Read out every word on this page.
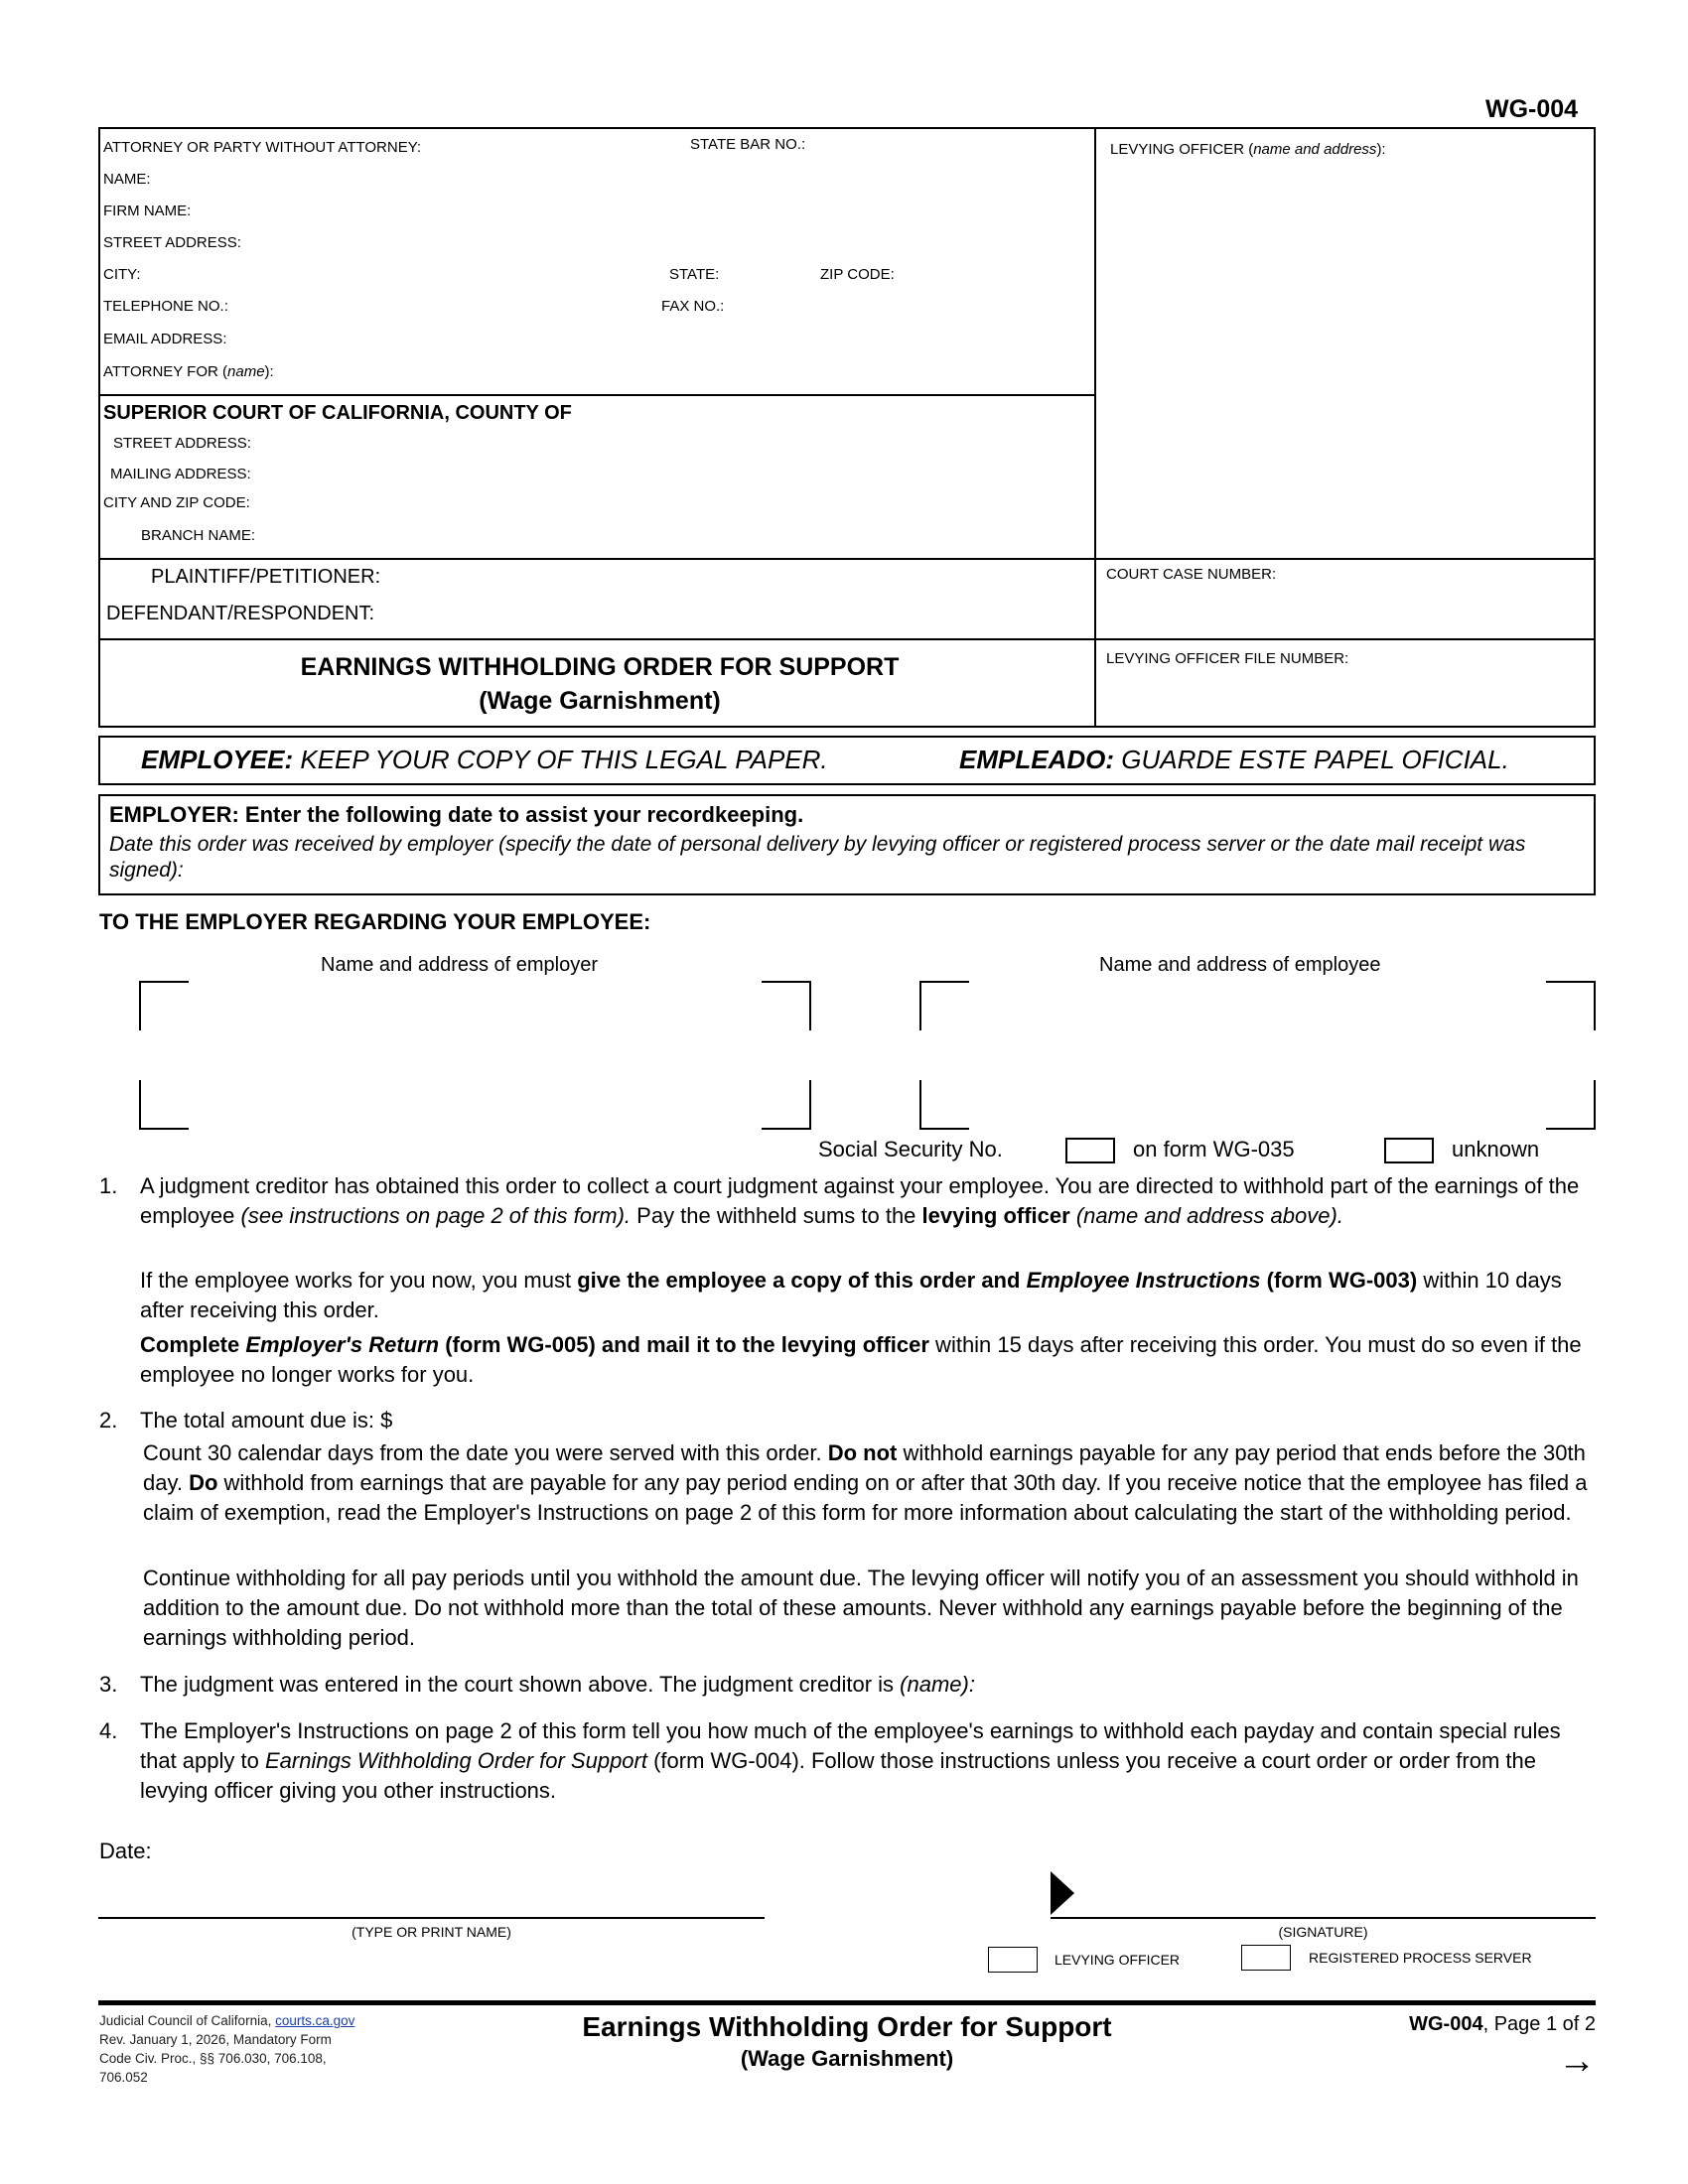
WG-004
ATTORNEY OR PARTY WITHOUT ATTORNEY:	STATE BAR NO.:
NAME:
FIRM NAME:
STREET ADDRESS:
CITY:	STATE:	ZIP CODE:
TELEPHONE NO.:	FAX NO.:
EMAIL ADDRESS:
ATTORNEY FOR (name):
LEVYING OFFICER (name and address):
SUPERIOR COURT OF CALIFORNIA, COUNTY OF
STREET ADDRESS:
MAILING ADDRESS:
CITY AND ZIP CODE:
BRANCH NAME:
PLAINTIFF/PETITIONER:
DEFENDANT/RESPONDENT:
COURT CASE NUMBER:
EARNINGS WITHHOLDING ORDER FOR SUPPORT
(Wage Garnishment)
LEVYING OFFICER FILE NUMBER:
EMPLOYEE: KEEP YOUR COPY OF THIS LEGAL PAPER.	EMPLEADO: GUARDE ESTE PAPEL OFICIAL.
EMPLOYER: Enter the following date to assist your recordkeeping.
Date this order was received by employer (specify the date of personal delivery by levying officer or registered process server or the date mail receipt was signed):
TO THE EMPLOYER REGARDING YOUR EMPLOYEE:
Name and address of employer	Name and address of employee
Social Security No.	on form WG-035	unknown
1. A judgment creditor has obtained this order to collect a court judgment against your employee. You are directed to withhold part of the earnings of the employee (see instructions on page 2 of this form). Pay the withheld sums to the levying officer (name and address above).
If the employee works for you now, you must give the employee a copy of this order and Employee Instructions (form WG-003) within 10 days after receiving this order.
Complete Employer's Return (form WG-005) and mail it to the levying officer within 15 days after receiving this order. You must do so even if the employee no longer works for you.
2. The total amount due is: $
Count 30 calendar days from the date you were served with this order. Do not withhold earnings payable for any pay period that ends before the 30th day. Do withhold from earnings that are payable for any pay period ending on or after that 30th day. If you receive notice that the employee has filed a claim of exemption, read the Employer's Instructions on page 2 of this form for more information about calculating the start of the withholding period.
Continue withholding for all pay periods until you withhold the amount due. The levying officer will notify you of an assessment you should withhold in addition to the amount due. Do not withhold more than the total of these amounts. Never withhold any earnings payable before the beginning of the earnings withholding period.
3. The judgment was entered in the court shown above. The judgment creditor is (name):
4. The Employer's Instructions on page 2 of this form tell you how much of the employee's earnings to withhold each payday and contain special rules that apply to Earnings Withholding Order for Support (form WG-004). Follow those instructions unless you receive a court order or order from the levying officer giving you other instructions.
Date:
(TYPE OR PRINT NAME)	(SIGNATURE)
LEVYING OFFICER	REGISTERED PROCESS SERVER
Judicial Council of California, courts.ca.gov
Rev. January 1, 2026, Mandatory Form
Code Civ. Proc., §§ 706.030, 706.108,
706.052
Earnings Withholding Order for Support
(Wage Garnishment)
WG-004, Page 1 of 2
→
